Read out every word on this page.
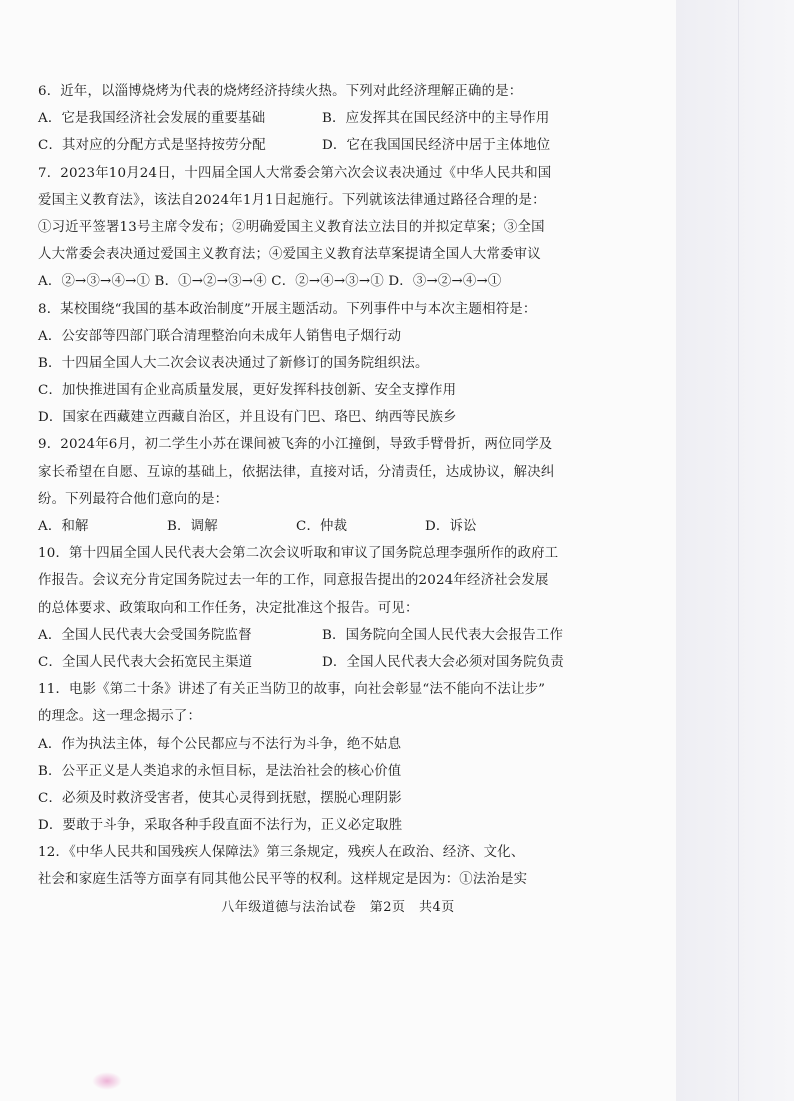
6．近年，以淄博烧烤为代表的烧烤经济持续火热。下列对此经济理解正确的是：
A．它是我国经济社会发展的重要基础	B．应发挥其在国民经济中的主导作用
C．其对应的分配方式是坚持按劳分配	D．它在我国国民经济中居于主体地位
7．2023年10月24日，十四届全国人大常委会第六次会议表决通过《中华人民共和国
爱国主义教育法》，该法自2024年1月1日起施行。下列就该法律通过路径合理的是：
①习近平签署13号主席令发布；②明确爱国主义教育法立法目的并拟定草案；③全国
人大常委会表决通过爱国主义教育法；④爱国主义教育法草案提请全国人大常委审议
A．②→③→④→① B．①→②→③→④ C．②→④→③→① D．③→②→④→①
8．某校围绕“我国的基本政治制度”开展主题活动。下列事件中与本次主题相符是：
A．公安部等四部门联合清理整治向未成年人销售电子烟行动
B．十四届全国人大二次会议表决通过了新修订的国务院组织法。
C．加快推进国有企业高质量发展，更好发挥科技创新、安全支撑作用
D．国家在西藏建立西藏自治区，并且设有门巴、珞巴、纳西等民族乡
9．2024年6月，初二学生小苏在课间被飞奔的小江撞倒，导致手臂骨折，两位同学及
家长希望在自愿、互谅的基础上，依据法律，直接对话，分清责任，达成协议，解决纠
纷。下列最符合他们意向的是：
A．和解	B．调解	C．仲裁	D．诉讼
10．第十四届全国人民代表大会第二次会议听取和审议了国务院总理李强所作的政府工
作报告。会议充分肯定国务院过去一年的工作，同意报告提出的2024年经济社会发展
的总体要求、政策取向和工作任务，决定批准这个报告。可见：
A．全国人民代表大会受国务院监督	B．国务院向全国人民代表大会报告工作
C．全国人民代表大会拓宽民主渠道	D．全国人民代表大会必须对国务院负责
11．电影《第二十条》讲述了有关正当防卫的故事，向社会彰显“法不能向不法让步”
的理念。这一理念揭示了：
A．作为执法主体，每个公民都应与不法行为斗争，绝不姑息
B．公平正义是人类追求的永恒目标，是法治社会的核心价值
C．必须及时救济受害者，使其心灵得到抚慰，摆脱心理阴影
D．要敢于斗争，采取各种手段直面不法行为，正义必定取胜
12．《中华人民共和国残疾人保障法》第三条规定，残疾人在政治、经济、文化、
社会和家庭生活等方面享有同其他公民平等的权利。这样规定是因为：①法治是实
八年级道德与法治试卷　第2页　共4页
